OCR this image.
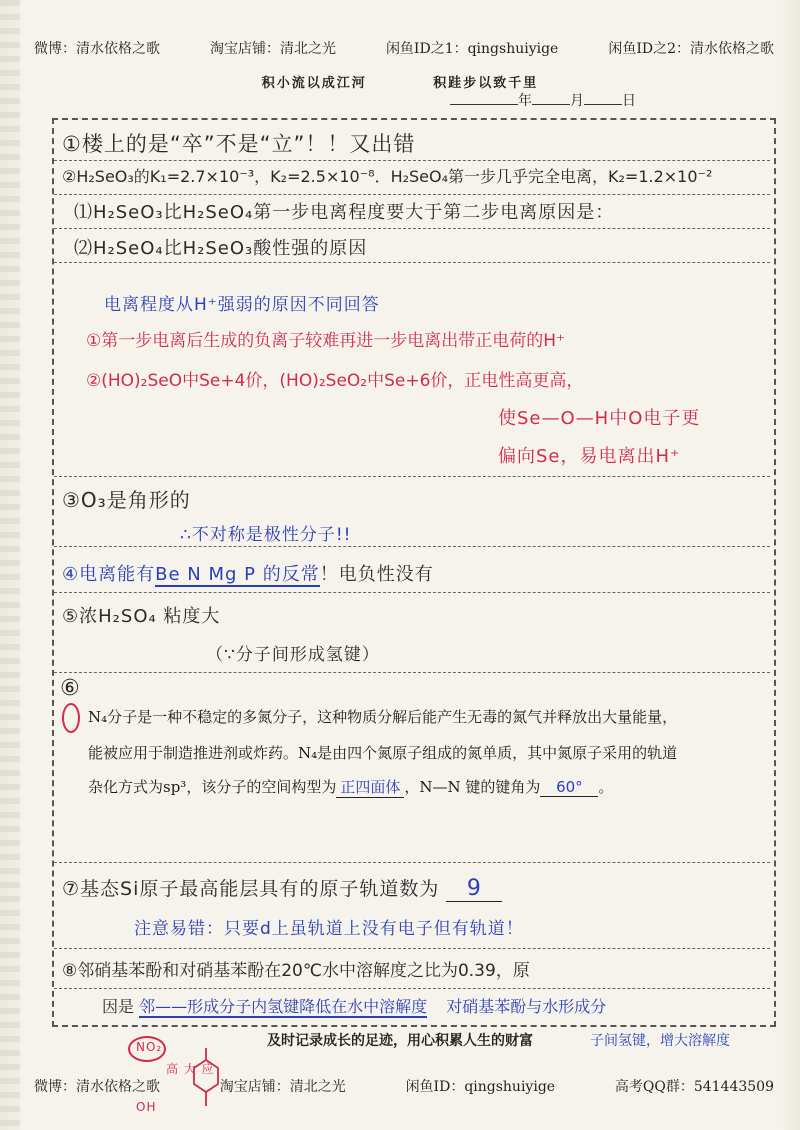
微博：清水依格之歌	淘宝店铺：清北之光	闲鱼ID之1：qingshuiyige	闲鱼ID之2：清水依格之歌
积小流以成江河	积跬步以致千里
年	月	日
①楼上的是“卒”不是“立”！！又出错
②H₂SeO₃的K₁=2.7×10⁻³，K₂=2.5×10⁻⁸．H₂SeO₄第一步几乎完全电离，K₂=1.2×10⁻²
⑴H₂SeO₃比H₂SeO₄第一步电离程度要大于第二步电离原因是：
⑵H₂SeO₄比H₂SeO₃酸性强的原因
电离程度从H⁺强弱的原因不同回答
①第一步电离后生成的负离子较难再进一步电离出带正电荷的H⁺
②(HO)₂SeO中Se+4价，(HO)₂SeO₂中Se+6价，正电性高更高，
使Se—O—H中O电子更
偏向Se，易电离出H⁺
③O₃是角形的
∴不对称是极性分子!!
④电离能有Be N Mg P 的反常！电负性没有
⑤浓H₂SO₄ 粘度大
（∵分子间形成氢键）
⑥
N₄分子是一种不稳定的多氮分子，这种物质分解后能产生无毒的氮气并释放出大量能量，
能被应用于制造推进剂或炸药。N₄是由四个氮原子组成的氮单质，其中氮原子采用的轨道
杂化方式为sp³，该分子的空间构型为 正四面体 ，N—N 键的键角为 60° 。
⑦基态Si原子最高能层具有的原子轨道数为 9
注意易错：只要d上虽轨道上没有电子但有轨道！
⑧邻硝基苯酚和对硝基苯酚在20℃水中溶解度之比为0.39，原
因是 邻——形成分子内氢键降低在水中溶解度 对硝基苯酚与水形成分
子间氢键，增大溶解度
NO₂
OH
高 大 应
及时记录成长的足迹，用心积累人生的财富
微博：清水依格之歌	淘宝店铺：清北之光	闲鱼ID：qingshuiyige	高考QQ群：541443509
